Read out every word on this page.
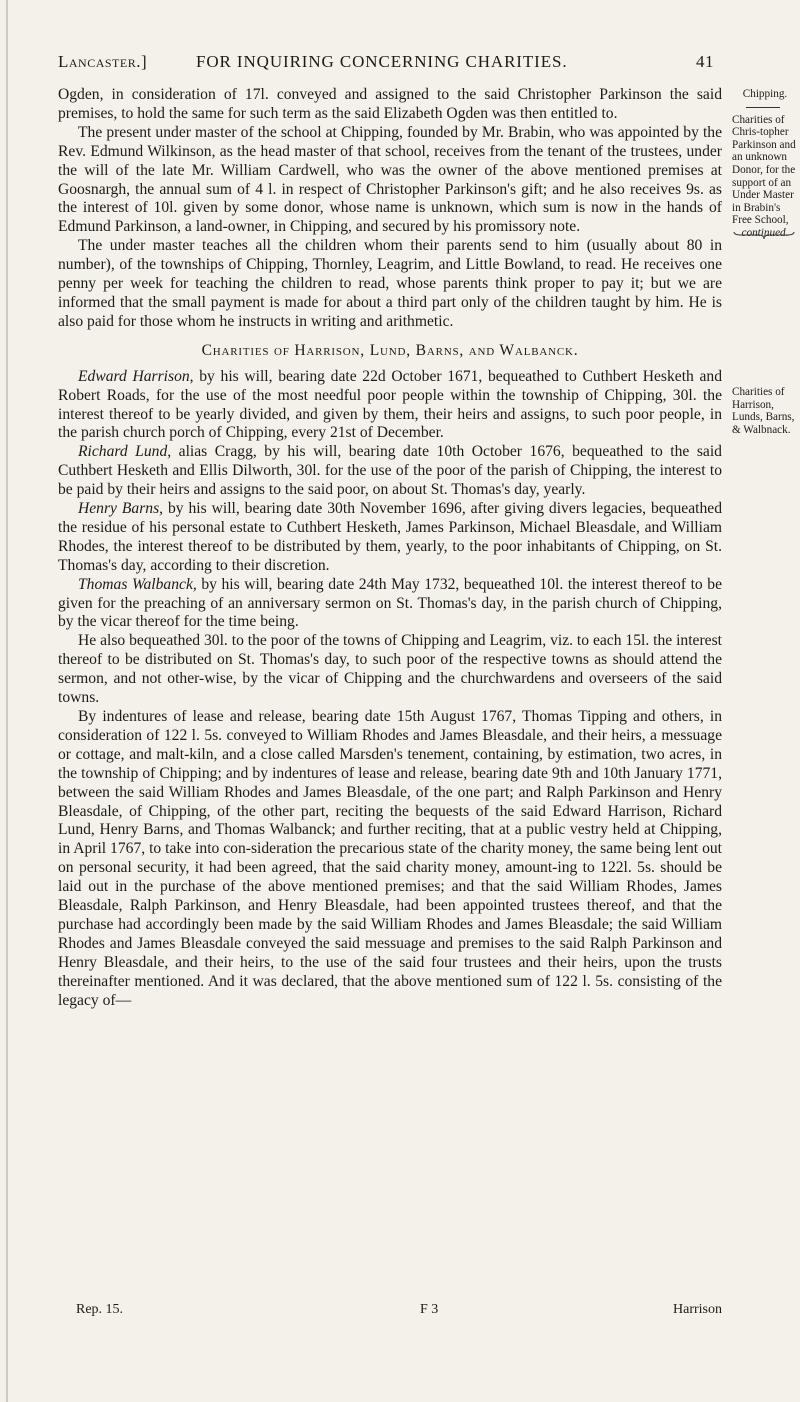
Lancaster.]	FOR INQUIRING CONCERNING CHARITIES.	41

Ogden, in consideration of 17l. conveyed and assigned to the said Christopher Parkinson the said premises, to hold the same for such term as the said Elizabeth Ogden was then entitled to.

The present under master of the school at Chipping, founded by Mr. Brabin, who was appointed by the Rev. Edmund Wilkinson, as the head master of that school, receives from the tenant of the trustees, under the will of the late Mr. William Cardwell, who was the owner of the above mentioned premises at Goosnargh, the annual sum of 4 l. in respect of Christopher Parkinson's gift; and he also receives 9s. as the interest of 10l. given by some donor, whose name is unknown, which sum is now in the hands of Edmund Parkinson, a land-owner, in Chipping, and secured by his promissory note.

The under master teaches all the children whom their parents send to him (usually about 80 in number), of the townships of Chipping, Thornley, Leagrim, and Little Bowland, to read. He receives one penny per week for teaching the children to read, whose parents think proper to pay it; but we are informed that the small payment is made for about a third part only of the children taught by him. He is also paid for those whom he instructs in writing and arithmetic.

Charities of Harrison, Lund, Barns, and Walbanck.

Edward Harrison, by his will, bearing date 22d October 1671, bequeathed to Cuthbert Hesketh and Robert Roads, for the use of the most needful poor people within the township of Chipping, 30l. the interest thereof to be yearly divided, and given by them, their heirs and assigns, to such poor people, in the parish church porch of Chipping, every 21st of December.

Richard Lund, alias Cragg, by his will, bearing date 10th October 1676, bequeathed to the said Cuthbert Hesketh and Ellis Dilworth, 30l. for the use of the poor of the parish of Chipping, the interest to be paid by their heirs and assigns to the said poor, on about St. Thomas's day, yearly.

Henry Barns, by his will, bearing date 30th November 1696, after giving divers legacies, bequeathed the residue of his personal estate to Cuthbert Hesketh, James Parkinson, Michael Bleasdale, and William Rhodes, the interest thereof to be distributed by them, yearly, to the poor inhabitants of Chipping, on St. Thomas's day, according to their discretion.

Thomas Walbanck, by his will, bearing date 24th May 1732, bequeathed 10l. the interest thereof to be given for the preaching of an anniversary sermon on St. Thomas's day, in the parish church of Chipping, by the vicar thereof for the time being.

He also bequeathed 30l. to the poor of the towns of Chipping and Leagrim, viz. to each 15l. the interest thereof to be distributed on St. Thomas's day, to such poor of the respective towns as should attend the sermon, and not other-wise, by the vicar of Chipping and the churchwardens and overseers of the said towns.

By indentures of lease and release, bearing date 15th August 1767, Thomas Tipping and others, in consideration of 122 l. 5s. conveyed to William Rhodes and James Bleasdale, and their heirs, a messuage or cottage, and malt-kiln, and a close called Marsden's tenement, containing, by estimation, two acres, in the township of Chipping; and by indentures of lease and release, bearing date 9th and 10th January 1771, between the said William Rhodes and James Bleasdale, of the one part; and Ralph Parkinson and Henry Bleasdale, of Chipping, of the other part, reciting the bequests of the said Edward Harrison, Richard Lund, Henry Barns, and Thomas Walbanck; and further reciting, that at a public vestry held at Chipping, in April 1767, to take into con-sideration the precarious state of the charity money, the same being lent out on personal security, it had been agreed, that the said charity money, amount-ing to 122l. 5s. should be laid out in the purchase of the above mentioned premises; and that the said William Rhodes, James Bleasdale, Ralph Parkinson, and Henry Bleasdale, had been appointed trustees thereof, and that the purchase had accordingly been made by the said William Rhodes and James Bleasdale; the said William Rhodes and James Bleasdale conveyed the said messuage and premises to the said Ralph Parkinson and Henry Bleasdale, and their heirs, to the use of the said four trustees and their heirs, upon the trusts thereinafter mentioned. And it was declared, that the above mentioned sum of 122 l. 5s. consisting of the legacy of—

Rep. 15.	F 3	Harrison
Chipping.
Charities of Chris-topher Parkinson and an unknown Donor, for the support of an Under Master in Brabin's Free School,
continued.
Charities of Harrison, Lunds, Barns, & Walbnack.
